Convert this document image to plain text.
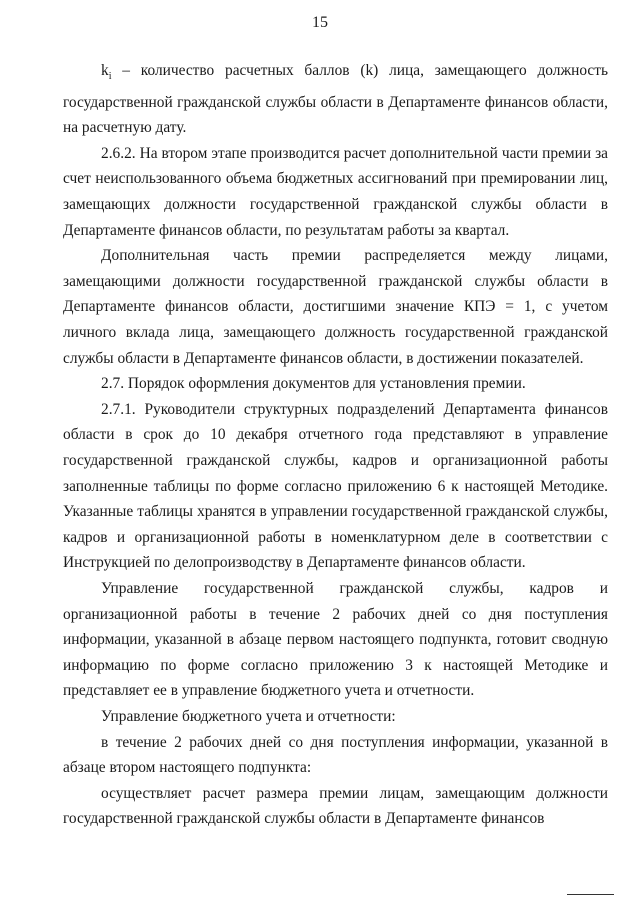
15

$k_i$ – количество расчетных баллов (k) лица, замещающего должность государственной гражданской службы области в Департаменте финансов области, на расчетную дату.

2.6.2. На втором этапе производится расчет дополнительной части премии за счет неиспользованного объема бюджетных ассигнований при премировании лиц, замещающих должности государственной гражданской службы области в Департаменте финансов области, по результатам работы за квартал.

Дополнительная часть премии распределяется между лицами, замещающими должности государственной гражданской службы области в Департаменте финансов области, достигшими значение КПЭ = 1, с учетом личного вклада лица, замещающего должность государственной гражданской службы области в Департаменте финансов области, в достижении показателей.

2.7. Порядок оформления документов для установления премии.

2.7.1. Руководители структурных подразделений Департамента финансов области в срок до 10 декабря отчетного года представляют в управление государственной гражданской службы, кадров и организационной работы заполненные таблицы по форме согласно приложению 6 к настоящей Методике. Указанные таблицы хранятся в управлении государственной гражданской службы, кадров и организационной работы в номенклатурном деле в соответствии с Инструкцией по делопроизводству в Департаменте финансов области.

Управление государственной гражданской службы, кадров и организационной работы в течение 2 рабочих дней со дня поступления информации, указанной в абзаце первом настоящего подпункта, готовит сводную информацию по форме согласно приложению 3 к настоящей Методике и представляет ее в управление бюджетного учета и отчетности.

Управление бюджетного учета и отчетности:

в течение 2 рабочих дней со дня поступления информации, указанной в абзаце втором настоящего подпункта:

осуществляет расчет размера премии лицам, замещающим должности государственной гражданской службы области в Департаменте финансов
